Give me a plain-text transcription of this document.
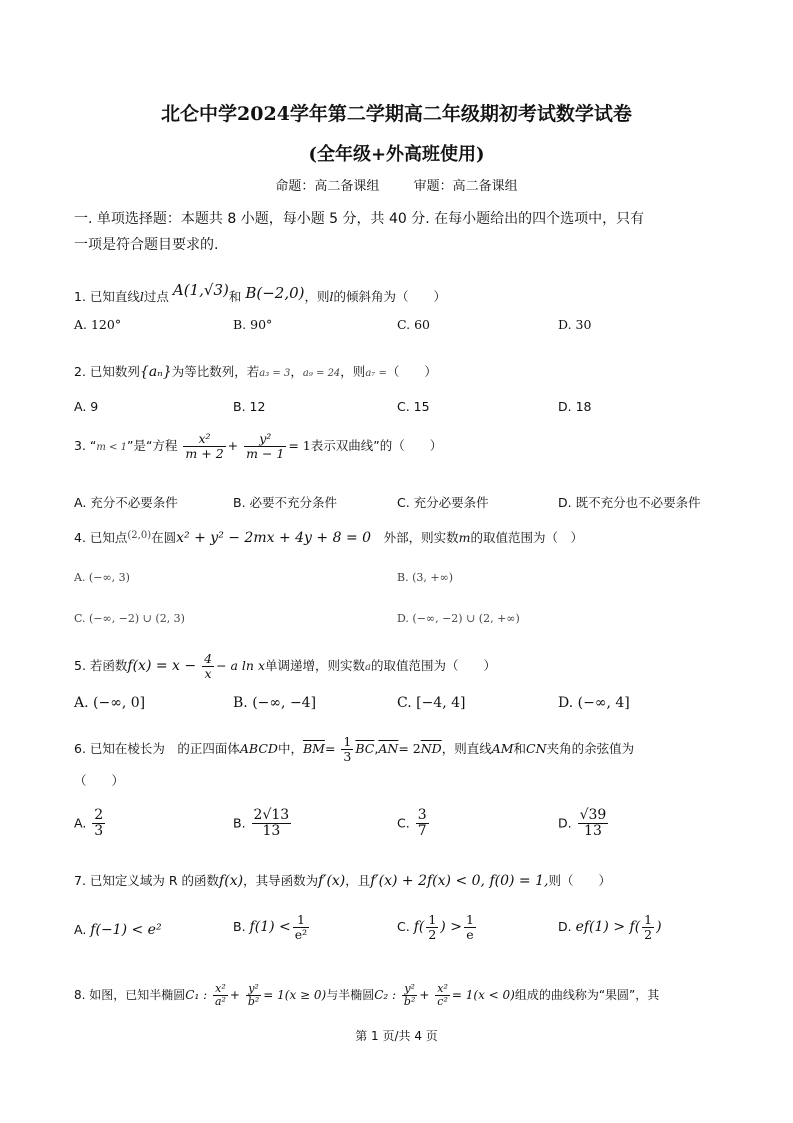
北仑中学2024学年第二学期高二年级期初考试数学试卷
(全年级+外高班使用)
命题：高二备课组	审题：高二备课组
一. 单项选择题：本题共 8 小题，每小题 5 分，共 40 分. 在每小题给出的四个选项中，只有
一项是符合题目要求的.
1. 已知直线l过点 A(1,√3)和 B(−2,0)，则l的倾斜角为（　　）
A. 120°	B. 90°	C. 60	D. 30
2. 已知数列{aₙ}为等比数列，若a₃ = 3，a₉ = 24，则a₇ =（　　）
A. 9	B. 12	C. 15	D. 18
3. “m < 1”是“方程 $\frac{\text{x²}}{m + 2} + \frac{\text{y²}}{m - 1} = 1$表示双曲线”的（　　）
A. 充分不必要条件	B. 必要不充分条件	C. 充分必要条件	D. 既不充分也不必要条件
4. 已知点$^{(2,0)}$在圆x² + y² − 2mx + 4y + 8 = 0　 外部，则实数m的取值范围为（　）
A. (−∞, 3)	B. (3, +∞)
C. (−∞, −2) ∪ (2, 3)	D. (−∞, −2) ∪ (2, +∞)
5. 若函数$f(x) = x - \frac{4}{x} - a$ ln x单调递增，则实数a的取值范围为（　　）
A. (−∞, 0]	B. (−∞, −4]	C. [−4, 4]	D. (−∞, 4]
6. 已知在棱长为　的正四面体ABCD中，$\overline{BM}= \frac{1}{3} \overline{BC},\overline{AN}= 2\overline{ND}$，则直线AM和CN夹角的余弦值为
（　　）
A. $\frac{2}{3}$	B. $\frac{2√13}{13}$	C. $\frac{3}{7}$	D. $\frac{√39}{13}$
7. 已知定义域为 R 的函数f(x)，其导函数为f′(x)，且f′(x) + 2f(x) < 0, f(0) = 1,则（　　）
A. f(−1) < e²	B. $f(1) < \frac{1}{\text{e²}}$	C. $f( \frac{1}{2}$ ) > $\frac{1}{e}$	D. $ef(1) > f( \frac{1}{2}$ )
8. 如图，已知半椭圆C₁ : $\frac{\text{x²}}{\text{a²}} + \frac{\text{y²}}{\text{b²}} = 1(x \ge 0)$与半椭圆C₂ : $\frac{\text{y²}}{\text{b²}} + \frac{\text{x²}}{\text{c²}} = 1(x < 0)$组成的曲线称为“果圆”，其
第 1 页/共 4 页
